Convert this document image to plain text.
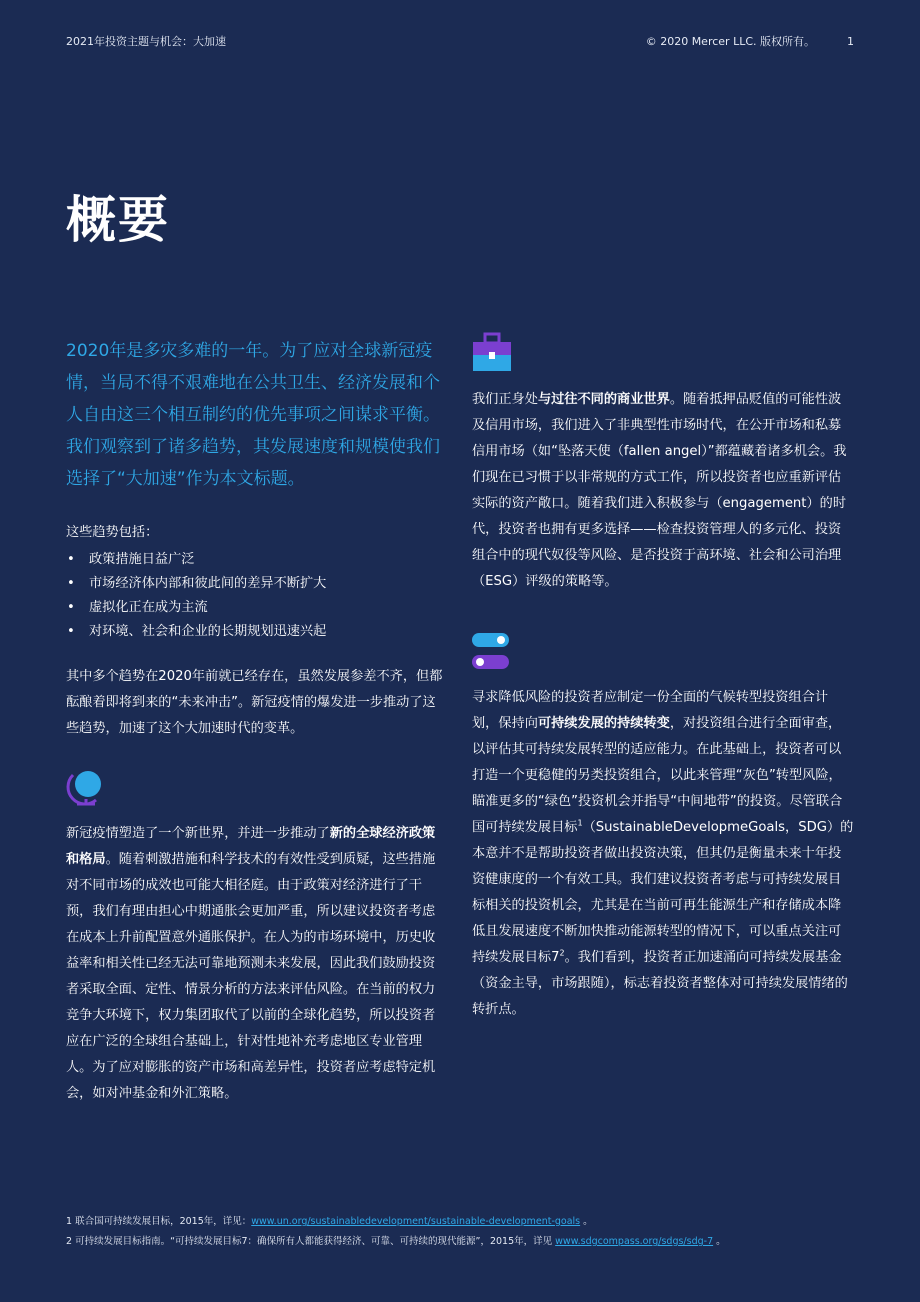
2021年投资主题与机会：大加速	© 2020 Mercer LLC. 版权所有。	1
概要

2020年是多灾多难的一年。为了应对全球新冠疫情，当局不得不艰难地在公共卫生、经济发展和个人自由这三个相互制约的优先事项之间谋求平衡。我们观察到了诸多趋势，其发展速度和规模使我们选择了“大加速”作为本文标题。

这些趋势包括：

• 政策措施日益广泛
• 市场经济体内部和彼此间的差异不断扩大
• 虚拟化正在成为主流
• 对环境、社会和企业的长期规划迅速兴起

其中多个趋势在2020年前就已经存在，虽然发展参差不齐，但都酝酿着即将到来的“未来冲击”。新冠疫情的爆发进一步推动了这些趋势，加速了这个大加速时代的变革。

新冠疫情塑造了一个新世界，并进一步推动了新的全球经济政策和格局。随着刺激措施和科学技术的有效性受到质疑，这些措施对不同市场的成效也可能大相径庭。由于政策对经济进行了干预，我们有理由担心中期通胀会更加严重，所以建议投资者考虑在成本上升前配置意外通胀保护。在人为的市场环境中，历史收益率和相关性已经无法可靠地预测未来发展，因此我们鼓励投资者采取全面、定性、情景分析的方法来评估风险。在当前的权力竞争大环境下，权力集团取代了以前的全球化趋势，所以投资者应在广泛的全球组合基础上，针对性地补充考虑地区专业管理人。为了应对膨胀的资产市场和高差异性，投资者应考虑特定机会，如对冲基金和外汇策略。

我们正身处与过往不同的商业世界。随着抵押品贬值的可能性波及信用市场，我们进入了非典型性市场时代，在公开市场和私募信用市场（如“坠落天使（fallen angel）”都蕴藏着诸多机会。我们现在已习惯于以非常规的方式工作，所以投资者也应重新评估实际的资产敞口。随着我们进入积极参与（engagement）的时代，投资者也拥有更多选择——检查投资管理人的多元化、投资组合中的现代奴役等风险、是否投资于高环境、社会和公司治理（ESG）评级的策略等。

寻求降低风险的投资者应制定一份全面的气候转型投资组合计划，保持向可持续发展的持续转变，对投资组合进行全面审查，以评估其可持续发展转型的适应能力。在此基础上，投资者可以打造一个更稳健的另类投资组合，以此来管理“灰色”转型风险，瞄准更多的“绿色”投资机会并指导“中间地带”的投资。尽管联合国可持续发展目标$^1$（SustainableDevelopmeGoals，SDG）的本意并不是帮助投资者做出投资决策，但其仍是衡量未来十年投资健康度的一个有效工具。我们建议投资者考虑与可持续发展目标相关的投资机会，尤其是在当前可再生能源生产和存储成本降低且发展速度不断加快推动能源转型的情况下，可以重点关注可持续发展目标$7^2$。我们看到，投资者正加速涌向可持续发展基金（资金主导，市场跟随），标志着投资者整体对可持续发展情绪的转折点。

1 联合国可持续发展目标，2015年，详见：www.un.org/sustainabledevelopment/sustainable-development-goals 。
2 可持续发展目标指南。“可持续发展目标7：确保所有人都能获得经济、可靠、可持续的现代能源”，2015年，详见 www.sdgcompass.org/sdgs/sdg-7 。
